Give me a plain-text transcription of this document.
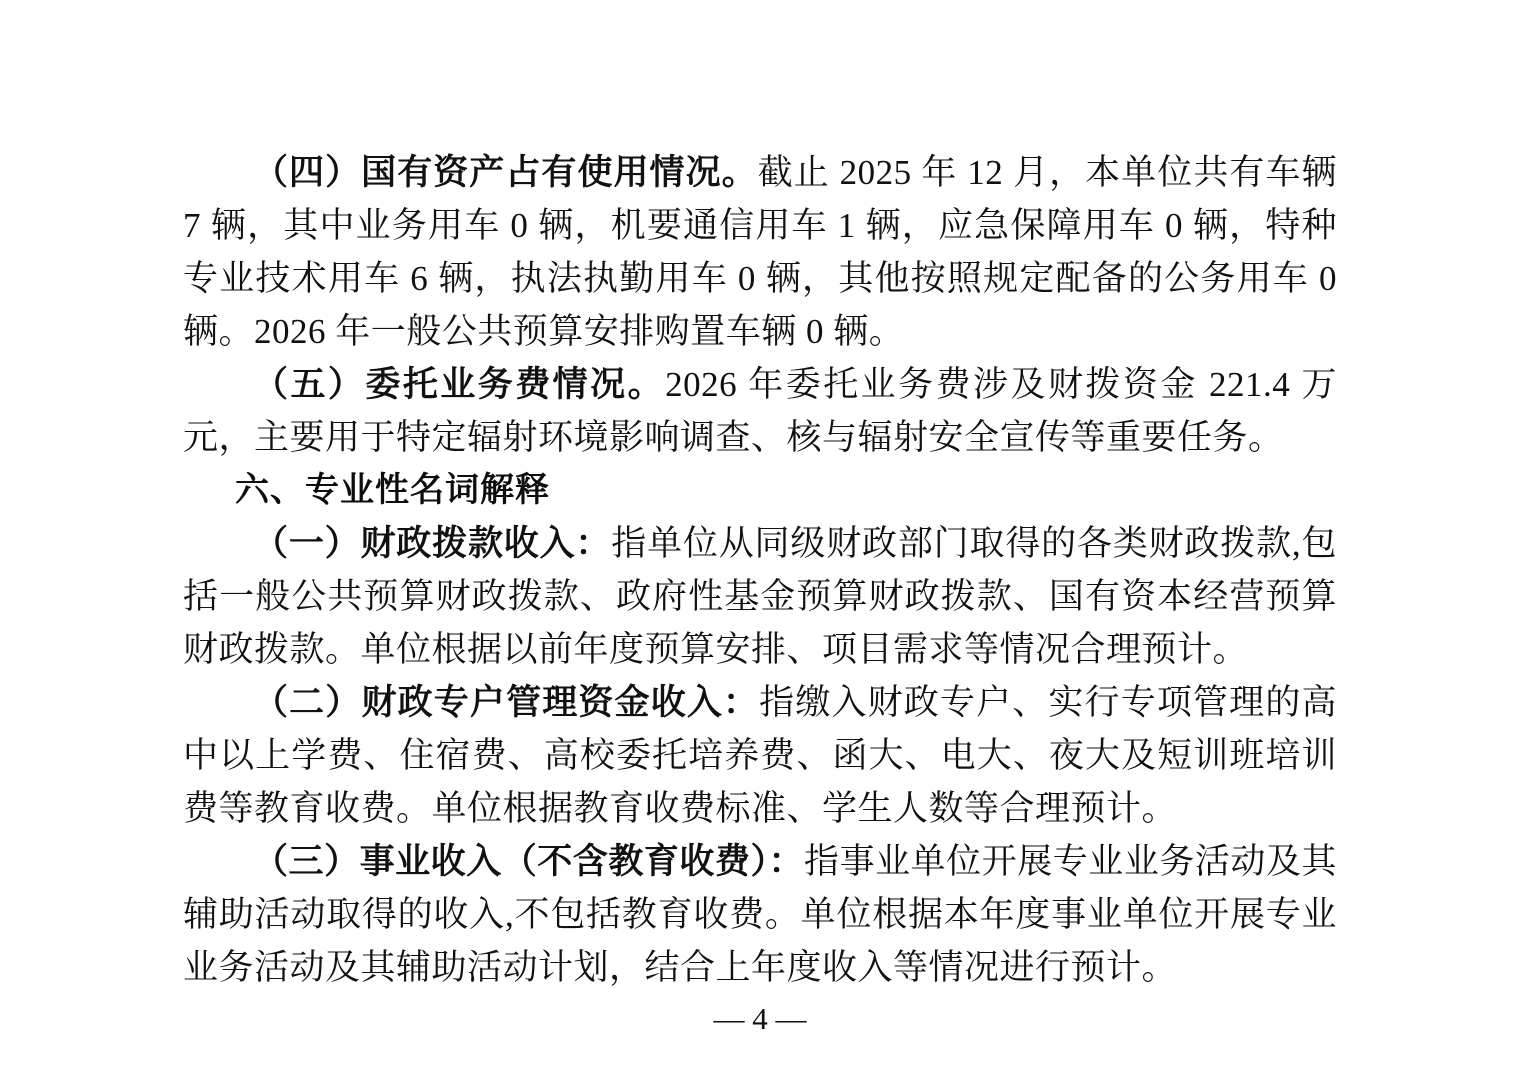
（四）国有资产占有使用情况。截止 2025 年 12 月，本单位共有车辆 7 辆，其中业务用车 0 辆，机要通信用车 1 辆，应急保障用车 0 辆，特种专业技术用车 6 辆，执法执勤用车 0 辆，其他按照规定配备的公务用车 0 辆。2026 年一般公共预算安排购置车辆 0 辆。

（五）委托业务费情况。2026 年委托业务费涉及财拨资金 221.4 万元，主要用于特定辐射环境影响调查、核与辐射安全宣传等重要任务。

六、专业性名词解释

（一）财政拨款收入：指单位从同级财政部门取得的各类财政拨款,包括一般公共预算财政拨款、政府性基金预算财政拨款、国有资本经营预算财政拨款。单位根据以前年度预算安排、项目需求等情况合理预计。

（二）财政专户管理资金收入：指缴入财政专户、实行专项管理的高中以上学费、住宿费、高校委托培养费、函大、电大、夜大及短训班培训费等教育收费。单位根据教育收费标准、学生人数等合理预计。

（三）事业收入（不含教育收费）：指事业单位开展专业业务活动及其辅助活动取得的收入,不包括教育收费。单位根据本年度事业单位开展专业业务活动及其辅助活动计划，结合上年度收入等情况进行预计。

— 4 —
